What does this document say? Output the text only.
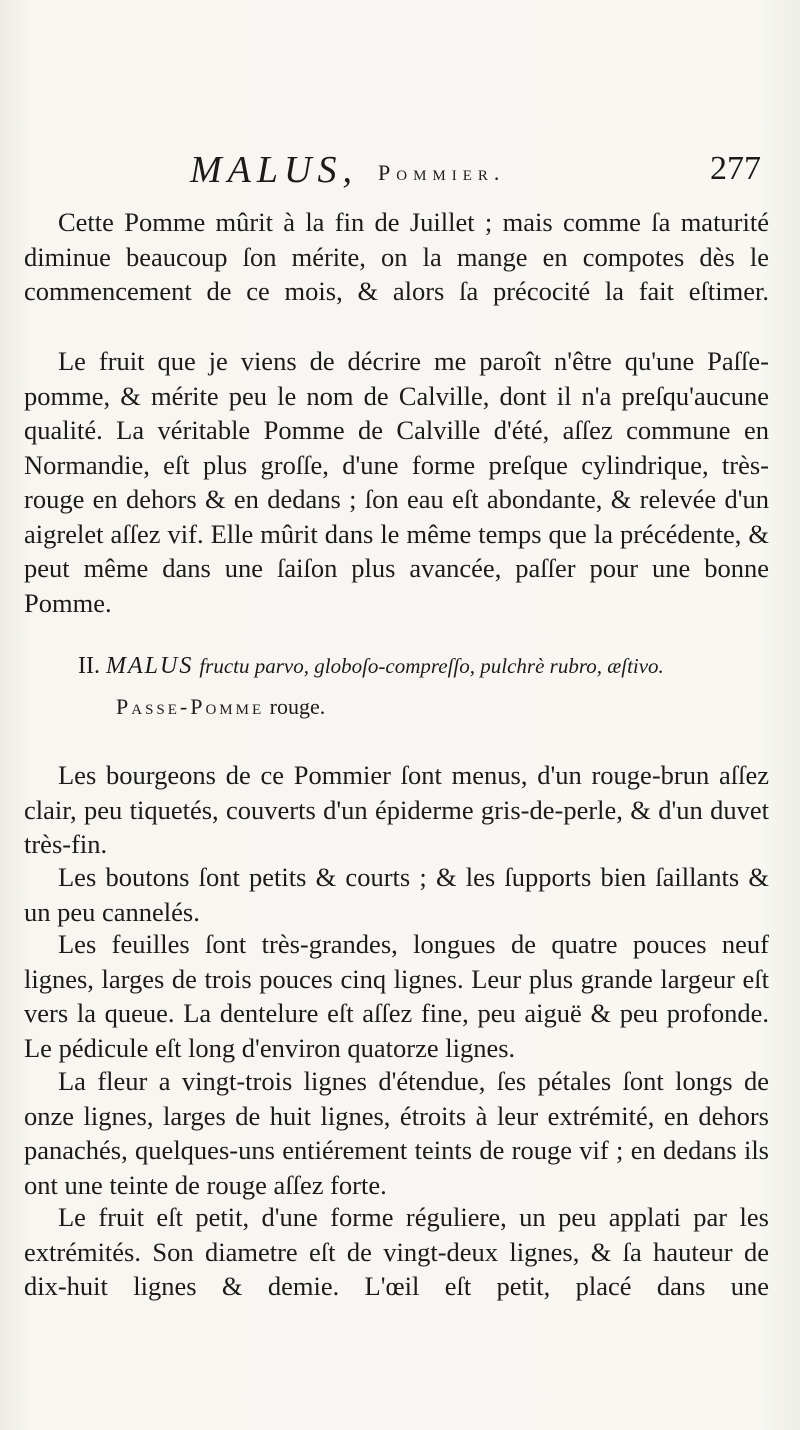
MALUS, Pommier.	277

Cette Pomme mûrit à la fin de Juillet ; mais comme ſa maturité diminue beaucoup ſon mérite, on la mange en compotes dès le commencement de ce mois, & alors ſa précocité la fait eſtimer.

Le fruit que je viens de décrire me paroît n'être qu'une Paſſe-pomme, & mérite peu le nom de Calville, dont il n'a preſqu'aucune qualité. La véritable Pomme de Calville d'été, aſſez commune en Normandie, eſt plus groſſe, d'une forme preſque cylindrique, très-rouge en dehors & en dedans ; ſon eau eſt abondante, & relevée d'un aigrelet aſſez vif. Elle mûrit dans le même temps que la précédente, & peut même dans une ſaiſon plus avancée, paſſer pour une bonne Pomme.

II. MALUS fructu parvo, globoſo-compreſſo, pulchrè rubro, æſtivo.

Passe-Pomme rouge.

Les bourgeons de ce Pommier ſont menus, d'un rouge-brun aſſez clair, peu tiquetés, couverts d'un épiderme gris-de-perle, & d'un duvet très-fin.

Les boutons ſont petits & courts ; & les ſupports bien ſaillants & un peu cannelés.

Les feuilles ſont très-grandes, longues de quatre pouces neuf lignes, larges de trois pouces cinq lignes. Leur plus grande largeur eſt vers la queue. La dentelure eſt aſſez fine, peu aiguë & peu profonde. Le pédicule eſt long d'environ quatorze lignes.

La fleur a vingt-trois lignes d'étendue, ſes pétales ſont longs de onze lignes, larges de huit lignes, étroits à leur extrémité, en dehors panachés, quelques-uns entiérement teints de rouge vif ; en dedans ils ont une teinte de rouge aſſez forte.

Le fruit eſt petit, d'une forme réguliere, un peu applati par les extrémités. Son diametre eſt de vingt-deux lignes, & ſa hauteur de dix-huit lignes & demie. L'œil eſt petit, placé dans une
